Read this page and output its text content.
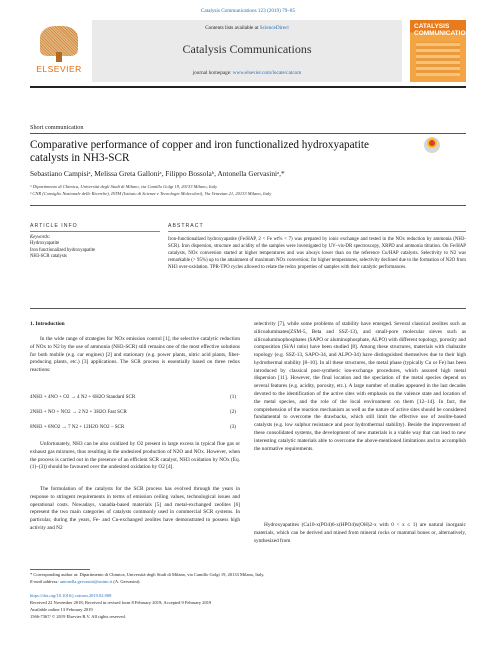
Catalysis Communications 123 (2019) 79–85
ELSEVIER
Contents lists available at ScienceDirect
Catalysis Communications
journal homepage: www.elsevier.com/locate/catcom
CATALYSIS
COMMUNICATIONS
Short communication
Comparative performance of copper and iron functionalized hydroxyapatite
catalysts in NH3-SCR
Sebastiano Campisiᵃ, Melissa Greta Galloniᵃ, Filippo Bossolaᵇ, Antonella Gervasiniᵃ,*
ᵃ Dipartimento di Chimica, Università degli Studi di Milano, via Camillo Golgi 19, 20133 Milano, Italy
ᵇ CNR (Consiglio Nazionale delle Ricerche), ISTM (Istituto di Scienze e Tecnologie Molecolari), Via Venezian 21, 20133 Milano, Italy
ARTICLE INFO
Keywords:
Hydroxyapatite
Iron functionalized hydroxyapatite
NH3-SCR catalysts
ABSTRACT
Iron-functionalized hydroxyapatite (Fe/HAP, 2 < Fe wt% < 7) was prepared by ionic exchange and tested in the NOx reduction by ammonia (NH3-SCR). Iron dispersion, structure and acidity of the samples were investigated by UV–vis-DR spectroscopy, XRPD and ammonia titration. On Fe/HAP catalysts, NOx conversion started at higher temperatures and was always lower than on the reference Cu/HAP catalysts. Selectivity to N2 was remarkable (> 95%) up to the attainment of maximum NOx conversion; for higher temperatures, selectivity declined due to the formation of N2O from NH3 over-oxidation. TPR-TPO cycles allowed to relate the redox properties of samples with their catalytic performances.
1. Introduction
In the wide range of strategies for NOx emission control [1], the selective catalytic reduction of NOx to N2 by the use of ammonia (NH3-SCR) still remains one of the most effective solutions for both mobile (e.g. car engines) [2] and stationary (e.g. power plants, nitric acid plants, fiber-producing plants, etc.) [3] applications. The SCR process is essentially based on three redox reactions:
4NH3 + 4NO + O2 → 4 N2 + 6H2O Standard SCR	(1)
2NH3 + NO + NO2 → 2 N2 + 3H2O Fast SCR	(2)
8NH3 + 6NO2 → 7 N2 + 12H2O NO2 – SCR	(3)
Unfortunately, NH3 can be also oxidized by O2 present in large excess in typical flue gas or exhaust gas mixtures, thus resulting in the undesired production of N2O and NOx. However, when the process is carried out in the presence of an efficient SCR catalyst, NH3 oxidation by NOx (Eq. (1)–(3)) should be favoured over the undesired oxidation by O2 [4].
The formulation of the catalysts for the SCR process has evolved through the years in response to stringent requirements in terms of emission ceiling values, technological issues and operational costs. Nowadays, vanadia-based materials [5] and metal-exchanged zeolites [6] represent the two main categories of catalysts commonly used in commercial SCR systems. In particular, during the years, Fe- and Cu-exchanged zeolites have demonstrated to possess high activity and N2
selectivity [7], while some problems of stability have emerged. Several classical zeolites such as silicoaluminates(ZSM-5, Beta and SSZ-13), and small-pore molecular sieves such as silicoaluminophosphates (SAPO or aluminophosphate, ALPO) with different topology, porosity and composition (Si/Al ratio) have been studied [8]. Among these structures, materials with chabazite topology (e.g. SSZ-13, SAPO-34, and ALPO-34) have distinguished themselves due to their high hydrothermal stability [8–10]. In all these structures, the metal phase (typically Cu or Fe) has been introduced by classical post-synthetic ion-exchange procedures, which assured high metal dispersion [11]. However, the final location and the speciation of the metal species depend on several features (e.g. acidity, porosity, etc.). A large number of studies appeared in the last decades devoted to the identification of the active sites with emphasis on the valence state and location of the metal species, and the role of the local environment on them [12–14]. In fact, the comprehension of the reaction mechanism as well as the nature of active sites should be considered fundamental to overcome the drawbacks, which still limit the effective use of zeolite-based catalysts (e.g. low sulphur resistance and poor hydrothermal stability). Beside the improvement of these consolidated systems, the development of new materials is a viable way that can lead to new interesting catalytic materials able to overcome the above-mentioned limitations and to accomplish the normative requirements.
Hydroxyapatites (Ca10-x(PO4)6-x(HPO4)x(OH)2-x with 0 < x ≤ 1) are natural inorganic materials, which can be derived and mined from mineral rocks or mammal bones or, alternatively, synthesized from
* Corresponding author at: Dipartimento di Chimica, Università degli Studi di Milano, via Camillo Golgi 19, 20133 Milano, Italy.
E-mail address: antonella.gervasini@unimi.it (A. Gervasini).
https://doi.org/10.1016/j.catcom.2019.02.008
Received 22 November 2018; Received in revised form 8 February 2019; Accepted 9 February 2019
Available online 13 February 2019
1566-7367/ © 2019 Elsevier B.V. All rights reserved.
